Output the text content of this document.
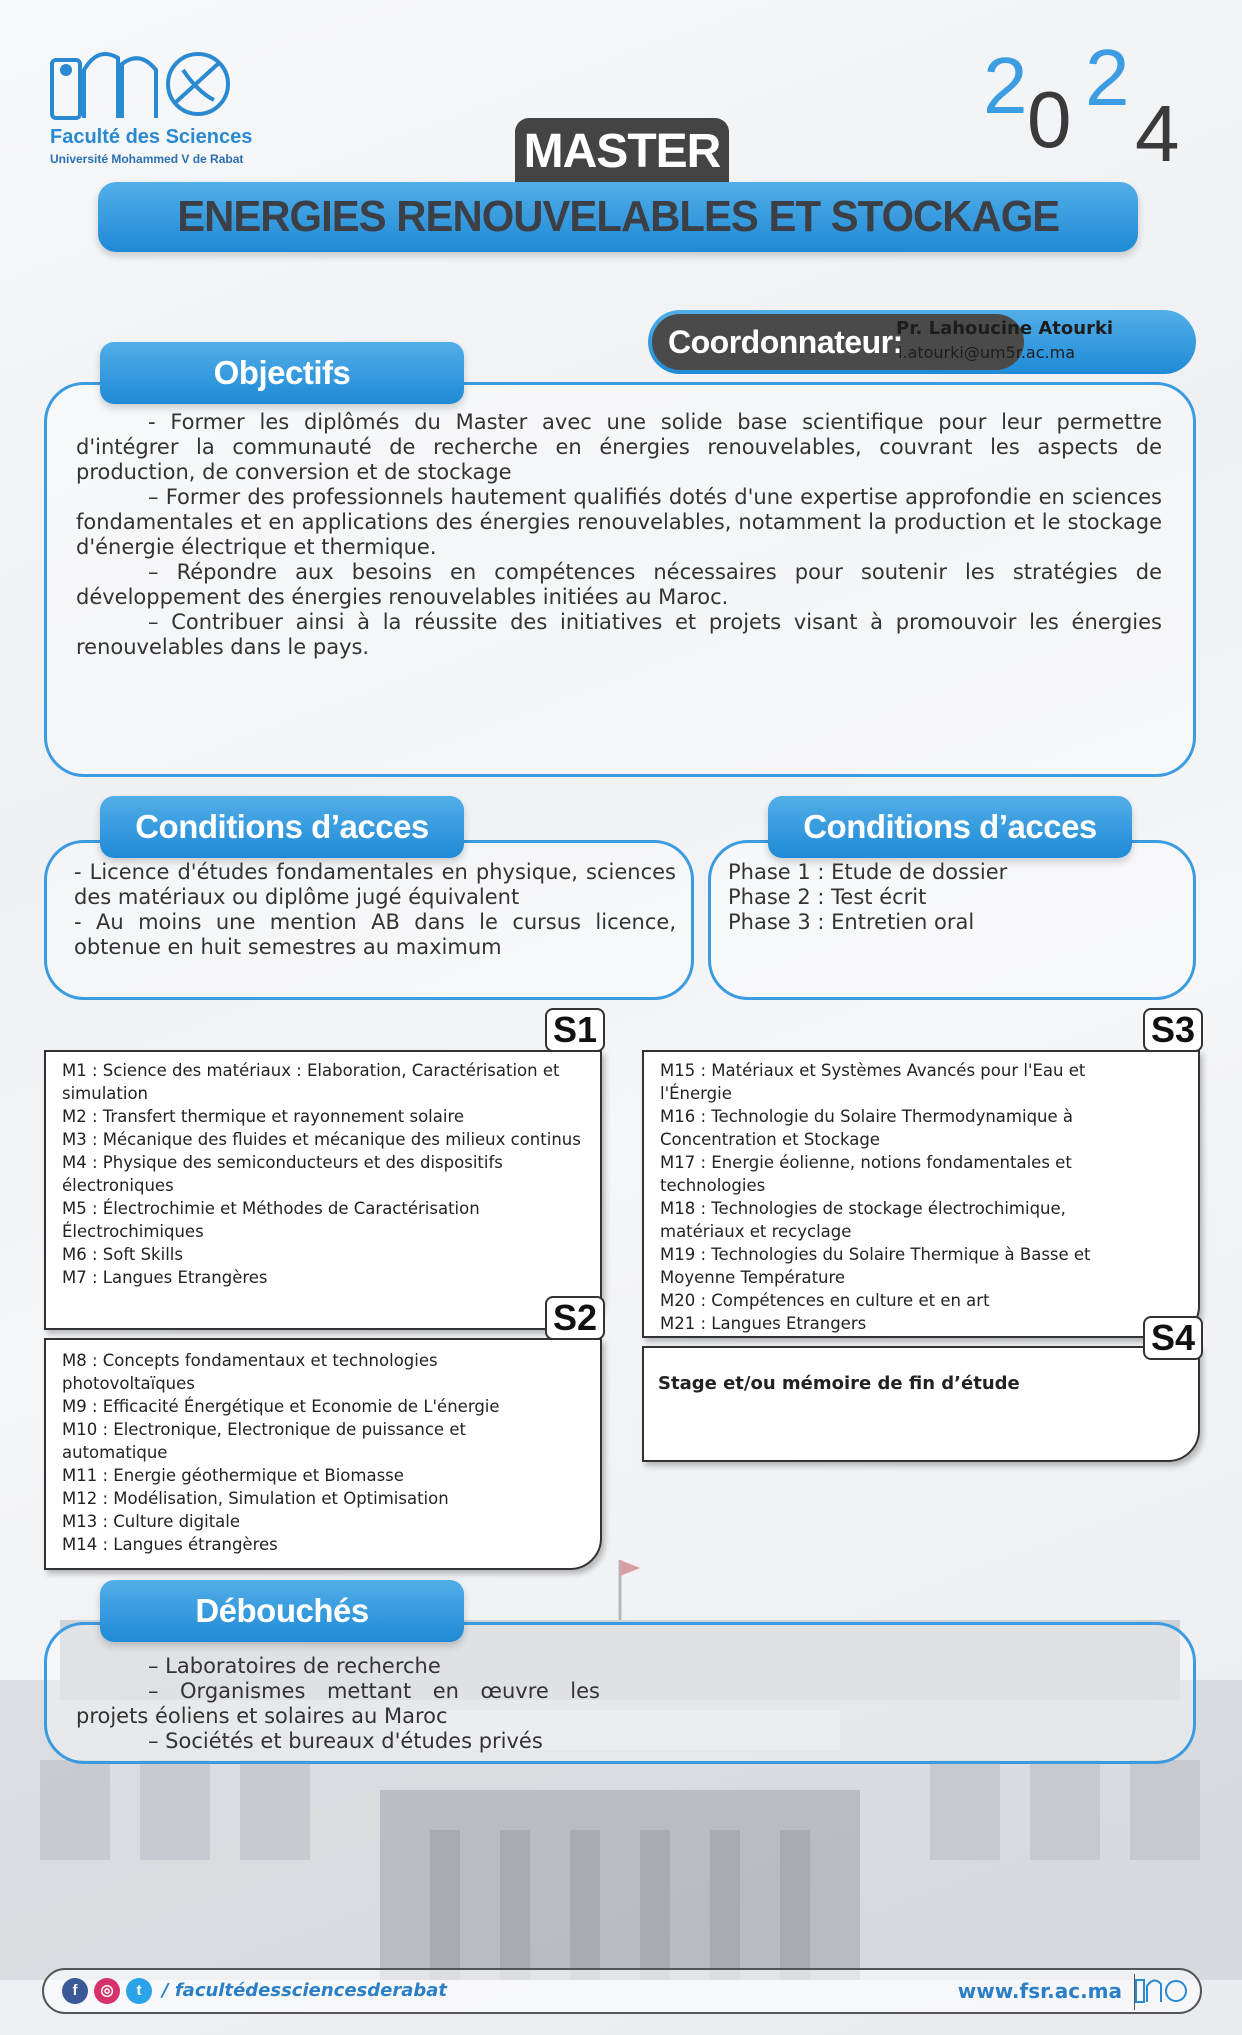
Faculté des Sciences
Université Mohammed V de Rabat
2 0 2
4
MASTER
ENERGIES RENOUVELABLES ET STOCKAGE
Coordonnateur:
Pr. Lahoucine Atourki
l.atourki@um5r.ac.ma
Objectifs

- Former les diplômés du Master avec une solide base scientifique pour leur permettre d'intégrer la communauté de recherche en énergies renouvelables, couvrant les aspects de production, de conversion et de stockage

– Former des professionnels hautement qualifiés dotés d'une expertise approfondie en sciences fondamentales et en applications des énergies renouvelables, notamment la production et le stockage d'énergie électrique et thermique.

– Répondre aux besoins en compétences nécessaires pour soutenir les stratégies de développement des énergies renouvelables initiées au Maroc.

– Contribuer ainsi à la réussite des initiatives et projets visant à promouvoir les énergies renouvelables dans le pays.

Conditions d’acces
- Licence d'études fondamentales en physique, sciences des matériaux ou diplôme jugé équivalent
- Au moins une mention AB dans le cursus licence, obtenue en huit semestres au maximum
Conditions d’acces
Phase 1 : Etude de dossier
Phase 2 : Test écrit
Phase 3 : Entretien oral
S1
M1 : Science des matériaux : Elaboration, Caractérisation et simulation
M2 : Transfert thermique et rayonnement solaire
M3 : Mécanique des fluides et mécanique des milieux continus
M4 : Physique des semiconducteurs et des dispositifs électroniques
M5 : Électrochimie et Méthodes de Caractérisation Électrochimiques
M6 : Soft Skills
M7 : Langues Etrangères
S2
M8 : Concepts fondamentaux et technologies photovoltaïques
M9 : Efficacité Énergétique et Economie de L'énergie
M10 : Electronique, Electronique de puissance et automatique
M11 : Energie géothermique et Biomasse
M12 : Modélisation, Simulation et Optimisation
M13 : Culture digitale
M14 : Langues étrangères
S3
M15 : Matériaux et Systèmes Avancés pour l'Eau et l'Énergie
M16 : Technologie du Solaire Thermodynamique à Concentration et Stockage
M17 : Energie éolienne, notions fondamentales et technologies
M18 : Technologies de stockage électrochimique, matériaux et recyclage
M19 : Technologies du Solaire Thermique à Basse et Moyenne Température
M20 : Compétences en culture et en art
M21 : Langues Etrangers	S4
Stage et/ou mémoire de fin d’étude
Débouchés

– Laboratoires de recherche

– Organismes mettant en œuvre les projets éoliens et solaires au Maroc

– Sociétés et bureaux d'études privés

f	◎	t	/ facultédessciencesderabat	www.fsr.ac.ma
